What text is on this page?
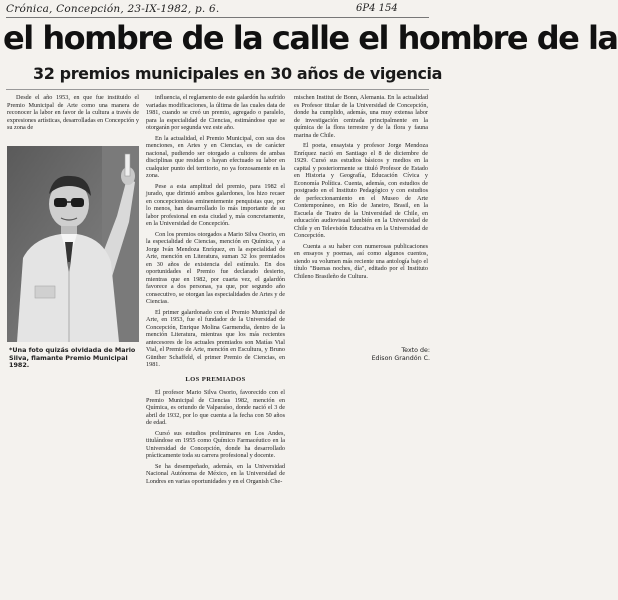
Crónica, Concepción, 23-IX-1982, p. 6.	6P4 154
el hombre de la calle el hombre de la
32 premios municipales en 30 años de vigencia

Desde el año 1953, en que fue instituido el Premio Municipal de Arte como una manera de reconocer la labor en favor de la cultura a través de expresiones artísticas, desarrolladas en Concepción y su zona de

*Una foto quizás olvidada de Mario Silva, flamante Premio Municipal 1982.

influencia, el reglamento de este galardón ha sufrido variadas modificaciones, la última de las cuales data de 1981, cuando se creó un premio, agregado o paralelo, para la especialidad de Ciencias, estimándose que se otorgarán por segunda vez este año.

En la actualidad, el Premio Municipal, con sus dos menciones, en Artes y en Ciencias, es de carácter nacional, pudiendo ser otorgado a cultores de ambas disciplinas que residan o hayan efectuado su labor en cualquier punto del territorio, no ya forzosamente en la zona.

Pese a esta amplitud del premio, para 1982 el jurado, que dirimió ambos galardones, los hizo recaer en concepcionistas eminentemente penquistas que, por lo menos, han desarrollado lo más importante de su labor profesional en esta ciudad y, más concretamente, en la Universidad de Concepción.

Con los premios otorgados a Mario Silva Osorio, en la especialidad de Ciencias, mención en Química, y a Jorge Iván Mendoza Enríquez, en la especialidad de Arte, mención en Literatura, suman 32 los premiados en 30 años de existencia del estímulo. En dos oportunidades el Premio fue declarado desierto, mientras que en 1982, por cuarta vez, el galardón favorece a dos personas, ya que, por segundo año consecutivo, se otorgan las especialidades de Artes y de Ciencias.

El primer galardonado con el Premio Municipal de Arte, en 1953, fue el fundador de la Universidad de Concepción, Enrique Molina Garmendia, dentro de la mención Literatura, mientras que los más recientes antecesores de los actuales premiados son Matías Vial Vial, el Premio de Arte, mención en Escultura, y Bruno Günther Schaffeld, el primer Premio de Ciencias, en 1981.

LOS PREMIADOS

El profesor Mario Silva Osorio, favorecido con el Premio Municipal de Ciencias 1982, mención en Química, es oriundo de Valparaíso, donde nació el 3 de abril de 1932, por lo que cuenta a la fecha con 50 años de edad.

Cursó sus estudios preliminares en Los Andes, titulándose en 1955 como Químico Farmacéutico en la Universidad de Concepción, donde ha desarrollado prácticamente toda su carrera profesional y docente.

Se ha desempeñado, además, en la Universidad Nacional Autónoma de México, en la Universidad de Londres en varias oportunidades y en el Organish Che-

mischen Institut de Bonn, Alemania. En la actualidad es Profesor titular de la Universidad de Concepción, donde ha cumplido, además, una muy extensa labor de investigación centrada principalmente en la química de la flora terrestre y de la flora y fauna marina de Chile.

El poeta, ensayista y profesor Jorge Mendoza Enríquez nació en Santiago el 8 de diciembre de 1929. Cursó sus estudios básicos y medios en la capital y posteriormente se tituló Profesor de Estado en Historia y Geografía, Educación Cívica y Economía Política. Cuenta, además, con estudios de postgrado en el Instituto Pedagógico y con estudios de perfeccionamiento en el Museo de Arte Contemporáneo, en Río de Janeiro, Brasil, en la Escuela de Teatro de la Universidad de Chile, en educación audiovisual también en la Universidad de Chile y en Televisión Educativa en la Universidad de Concepción.

Cuenta a su haber con numerosas publicaciones en ensayos y poemas, así como algunos cuentos, siendo su volumen más reciente una antología bajo el título "Buenas noches, día", editado por el Instituto Chileno Brasileño de Cultura.

Texto de:
Edison Grandón C.
